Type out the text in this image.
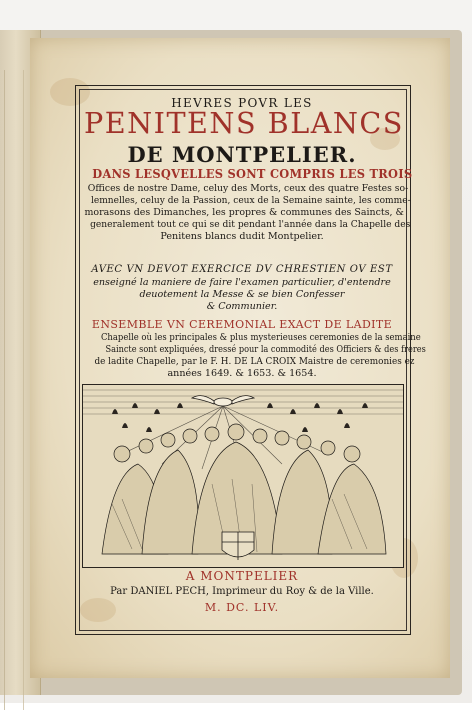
HEVRES POVR LES
PENITENS BLANCS
DE MONTPELIER.
DANS LESQVELLES SONT COMPRIS LES TROIS
Offices de nostre Dame, celuy des Morts, ceux des quatre Festes so-
lemnelles, celuy de la Passion, ceux de la Semaine sainte, les comme-
morasons des Dimanches, les propres & communes des Saincts, &
generalement tout ce qui se dit pendant l'année dans la Chapelle des
Penitens blancs dudit Montpelier.
AVEC VN DEVOT EXERCICE DV CHRESTIEN OV EST
enseigné la maniere de faire l'examen particulier, d'entendre
deuotement la Messe & se bien Confesser
& Communier.
ENSEMBLE VN CEREMONIAL EXACT DE LADITE
Chapelle où les principales & plus mysterieuses ceremonies de la semaine
Saincte sont expliquées, dressé pour la commodité des Officiers & des freres
de ladite Chapelle, par le F. H. DE LA CROIX Maistre de ceremonies ez
années 1649. & 1653. & 1654.
A MONTPELIER
Par DANIEL PECH, Imprimeur du Roy & de la Ville.
M. DC. LIV.
